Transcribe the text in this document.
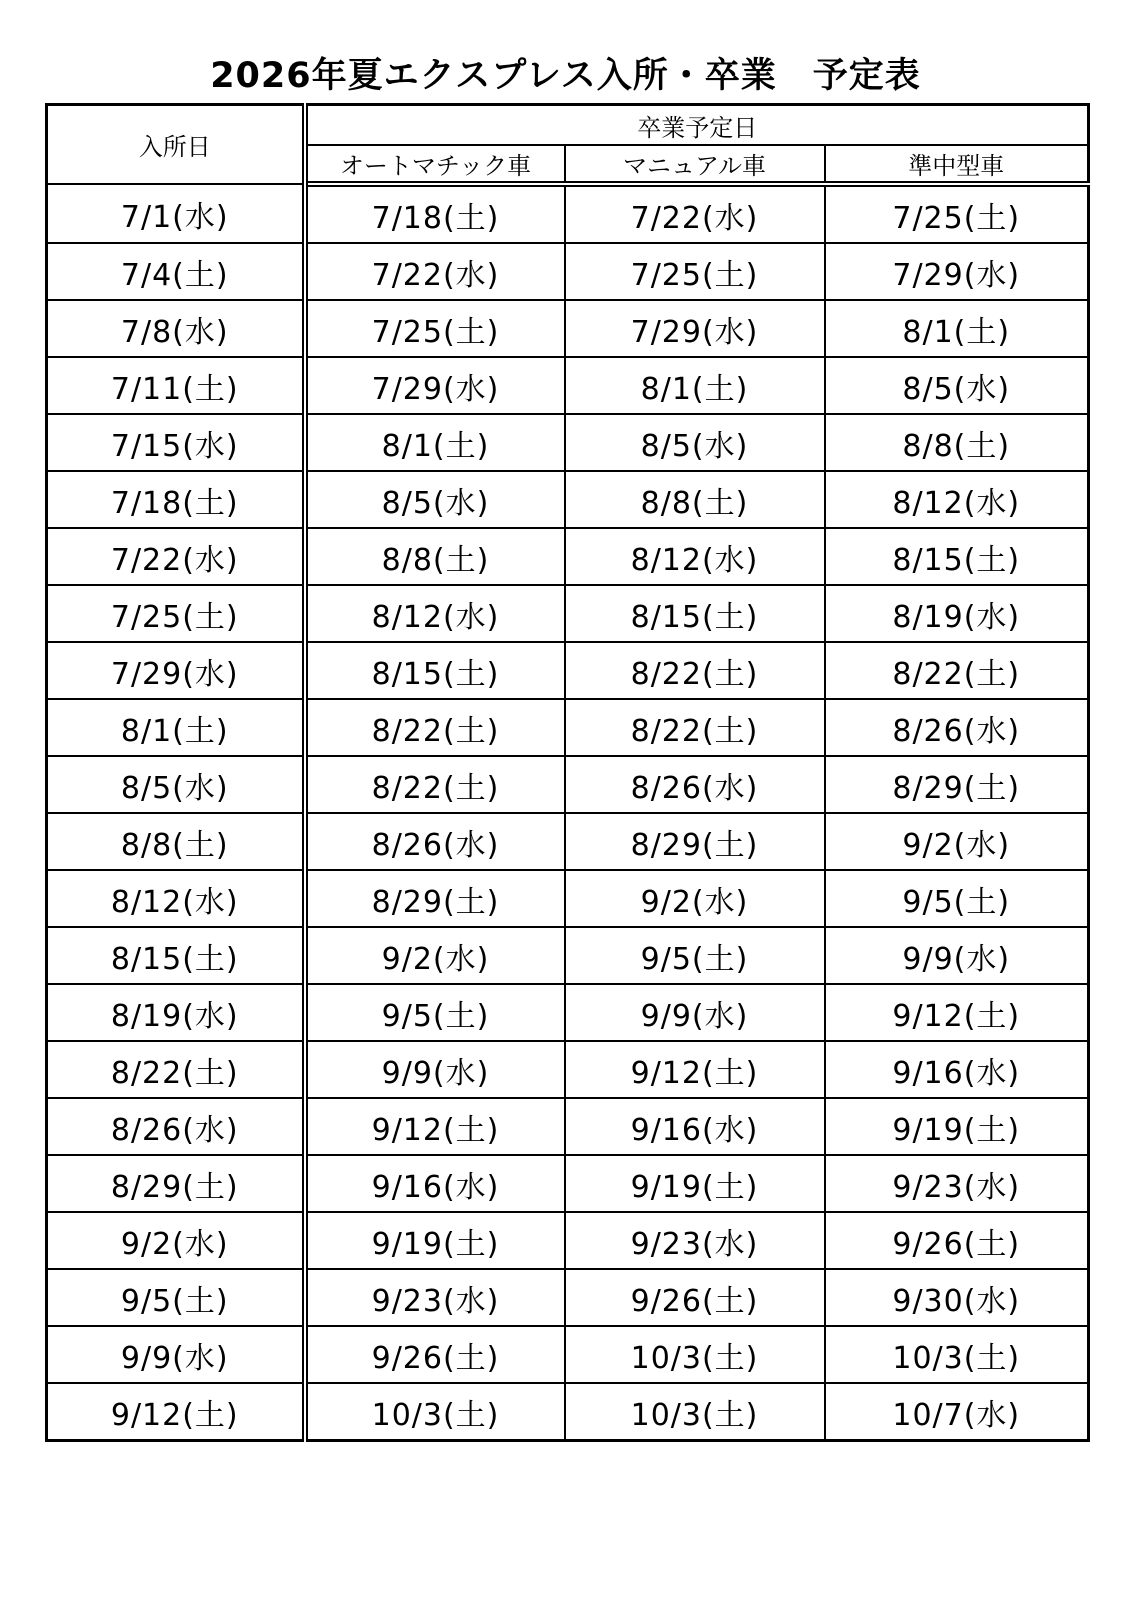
2026年夏エクスプレス入所・卒業　予定表
入所日	卒業予定日		
	オートマチック車	マニュアル車	準中型車
7/1(水)	7/18(土)	7/22(水)	7/25(土)
7/4(土)	7/22(水)	7/25(土)	7/29(水)
7/8(水)	7/25(土)	7/29(水)	8/1(土)
7/11(土)	7/29(水)	8/1(土)	8/5(水)
7/15(水)	8/1(土)	8/5(水)	8/8(土)
7/18(土)	8/5(水)	8/8(土)	8/12(水)
7/22(水)	8/8(土)	8/12(水)	8/15(土)
7/25(土)	8/12(水)	8/15(土)	8/19(水)
7/29(水)	8/15(土)	8/22(土)	8/22(土)
8/1(土)	8/22(土)	8/22(土)	8/26(水)
8/5(水)	8/22(土)	8/26(水)	8/29(土)
8/8(土)	8/26(水)	8/29(土)	9/2(水)
8/12(水)	8/29(土)	9/2(水)	9/5(土)
8/15(土)	9/2(水)	9/5(土)	9/9(水)
8/19(水)	9/5(土)	9/9(水)	9/12(土)
8/22(土)	9/9(水)	9/12(土)	9/16(水)
8/26(水)	9/12(土)	9/16(水)	9/19(土)
8/29(土)	9/16(水)	9/19(土)	9/23(水)
9/2(水)	9/19(土)	9/23(水)	9/26(土)
9/5(土)	9/23(水)	9/26(土)	9/30(水)
9/9(水)	9/26(土)	10/3(土)	10/3(土)
9/12(土)	10/3(土)	10/3(土)	10/7(水)
